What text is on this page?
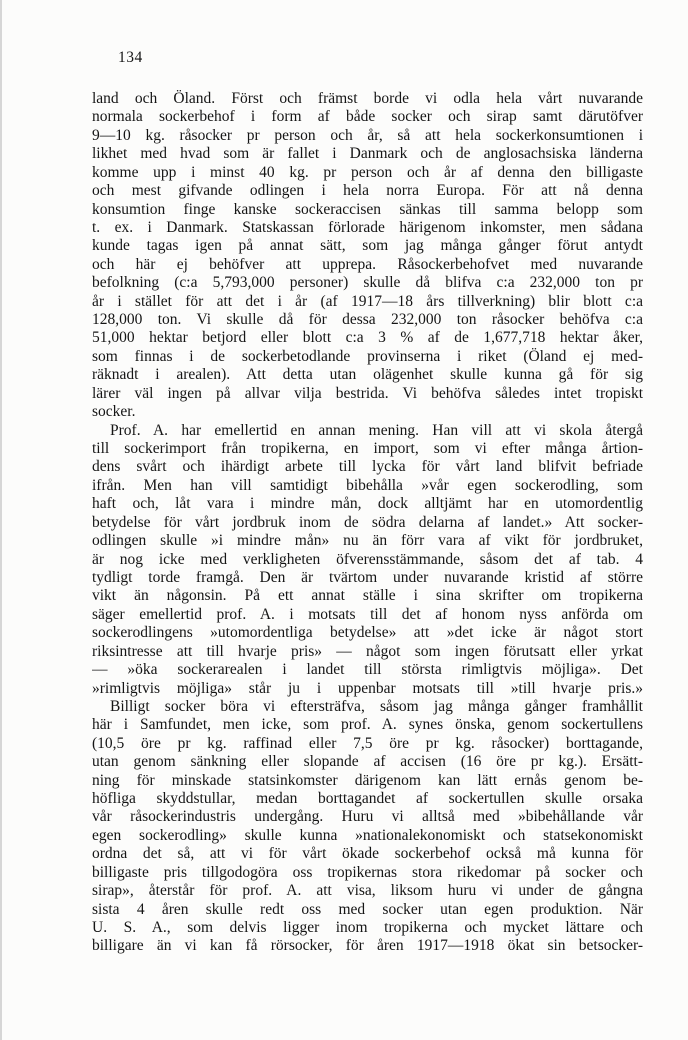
134
land och Öland. Först och främst borde vi odla hela vårt nuvarande
normala sockerbehof i form af både socker och sirap samt därutöfver
9—10 kg. råsocker pr person och år, så att hela sockerkonsumtionen i
likhet med hvad som är fallet i Danmark och de anglosachsiska länderna
komme upp i minst 40 kg. pr person och år af denna den billigaste
och mest gifvande odlingen i hela norra Europa. För att nå denna
konsumtion finge kanske sockeraccisen sänkas till samma belopp som
t. ex. i Danmark. Statskassan förlorade härigenom inkomster, men sådana
kunde tagas igen på annat sätt, som jag många gånger förut antydt
och här ej behöfver att upprepa. Råsockerbehofvet med nuvarande
befolkning (c:a 5,793,000 personer) skulle då blifva c:a 232,000 ton pr
år i stället för att det i år (af 1917—18 års tillverkning) blir blott c:a
128,000 ton. Vi skulle då för dessa 232,000 ton råsocker behöfva c:a
51,000 hektar betjord eller blott c:a 3 % af de 1,677,718 hektar åker,
som finnas i de sockerbetodlande provinserna i riket (Öland ej med-
räknadt i arealen). Att detta utan olägenhet skulle kunna gå för sig
lärer väl ingen på allvar vilja bestrida. Vi behöfva således intet tropiskt
socker.
Prof. A. har emellertid en annan mening. Han vill att vi skola återgå
till sockerimport från tropikerna, en import, som vi efter många årtion-
dens svårt och ihärdigt arbete till lycka för vårt land blifvit befriade
ifrån. Men han vill samtidigt bibehålla »vår egen sockerodling, som
haft och, låt vara i mindre mån, dock alltjämt har en utomordentlig
betydelse för vårt jordbruk inom de södra delarna af landet.» Att socker-
odlingen skulle »i mindre mån» nu än förr vara af vikt för jordbruket,
är nog icke med verkligheten öfverensstämmande, såsom det af tab. 4
tydligt torde framgå. Den är tvärtom under nuvarande kristid af större
vikt än någonsin. På ett annat ställe i sina skrifter om tropikerna
säger emellertid prof. A. i motsats till det af honom nyss anförda om
sockerodlingens »utomordentliga betydelse» att »det icke är något stort
riksintresse att till hvarje pris» — något som ingen förutsatt eller yrkat
— »öka sockerarealen i landet till största rimligtvis möjliga». Det
»rimligtvis möjliga» står ju i uppenbar motsats till »till hvarje pris.»
Billigt socker böra vi eftersträfva, såsom jag många gånger framhållit
här i Samfundet, men icke, som prof. A. synes önska, genom sockertullens
(10,5 öre pr kg. raffinad eller 7,5 öre pr kg. råsocker) borttagande,
utan genom sänkning eller slopande af accisen (16 öre pr kg.). Ersätt-
ning för minskade statsinkomster därigenom kan lätt ernås genom be-
höfliga skyddstullar, medan borttagandet af sockertullen skulle orsaka
vår råsockerindustris undergång. Huru vi alltså med »bibehållande vår
egen sockerodling» skulle kunna »nationalekonomiskt och statsekonomiskt
ordna det så, att vi för vårt ökade sockerbehof också må kunna för
billigaste pris tillgodogöra oss tropikernas stora rikedomar på socker och
sirap», återstår för prof. A. att visa, liksom huru vi under de gångna
sista 4 åren skulle redt oss med socker utan egen produktion. När
U. S. A., som delvis ligger inom tropikerna och mycket lättare och
billigare än vi kan få rörsocker, för åren 1917—1918 ökat sin betsocker-
